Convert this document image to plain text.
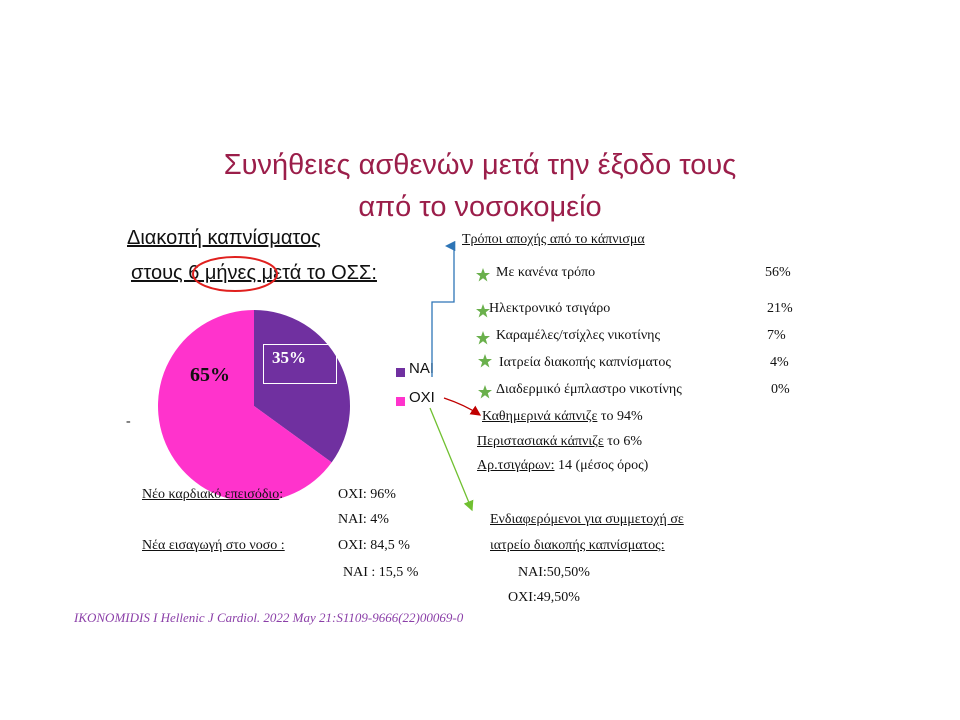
Συνήθειες ασθενών μετά την έξοδο τους
από το νοσοκομείο
Διακοπή καπνίσματος
στους 6 μήνες μετά το ΟΣΣ:
35%
65%	ΝΑΙ
ΟΧΙ
-
Τρόποι αποχής από το κάπνισμα
Με κανένα τρόπο	56%
Ηλεκτρονικό τσιγάρο	21%
Καραμέλες/τσίχλες νικοτίνης	7%
Ιατρεία διακοπής καπνίσματος	4%
Διαδερμικό έμπλαστρο νικοτίνης	0%
Καθημερινά κάπνιζε το 94%
Περιστασιακά κάπνιζε το 6%
Αρ.τσιγάρων: 14 (μέσος όρος)
Ενδιαφερόμενοι για συμμετοχή σε
ιατρείο διακοπής καπνίσματος:
ΝΑΙ:50,50%
ΟΧΙ:49,50%
Νέο καρδιακό επεισόδιο:	ΟΧΙ: 96%
ΝΑΙ: 4%
Νέα εισαγωγή στο νοσο :	ΟΧΙ: 84,5 %
ΝΑΙ : 15,5 %
IKONOMIDIS I Hellenic J Cardiol. 2022 May 21:S1109-9666(22)00069-0
